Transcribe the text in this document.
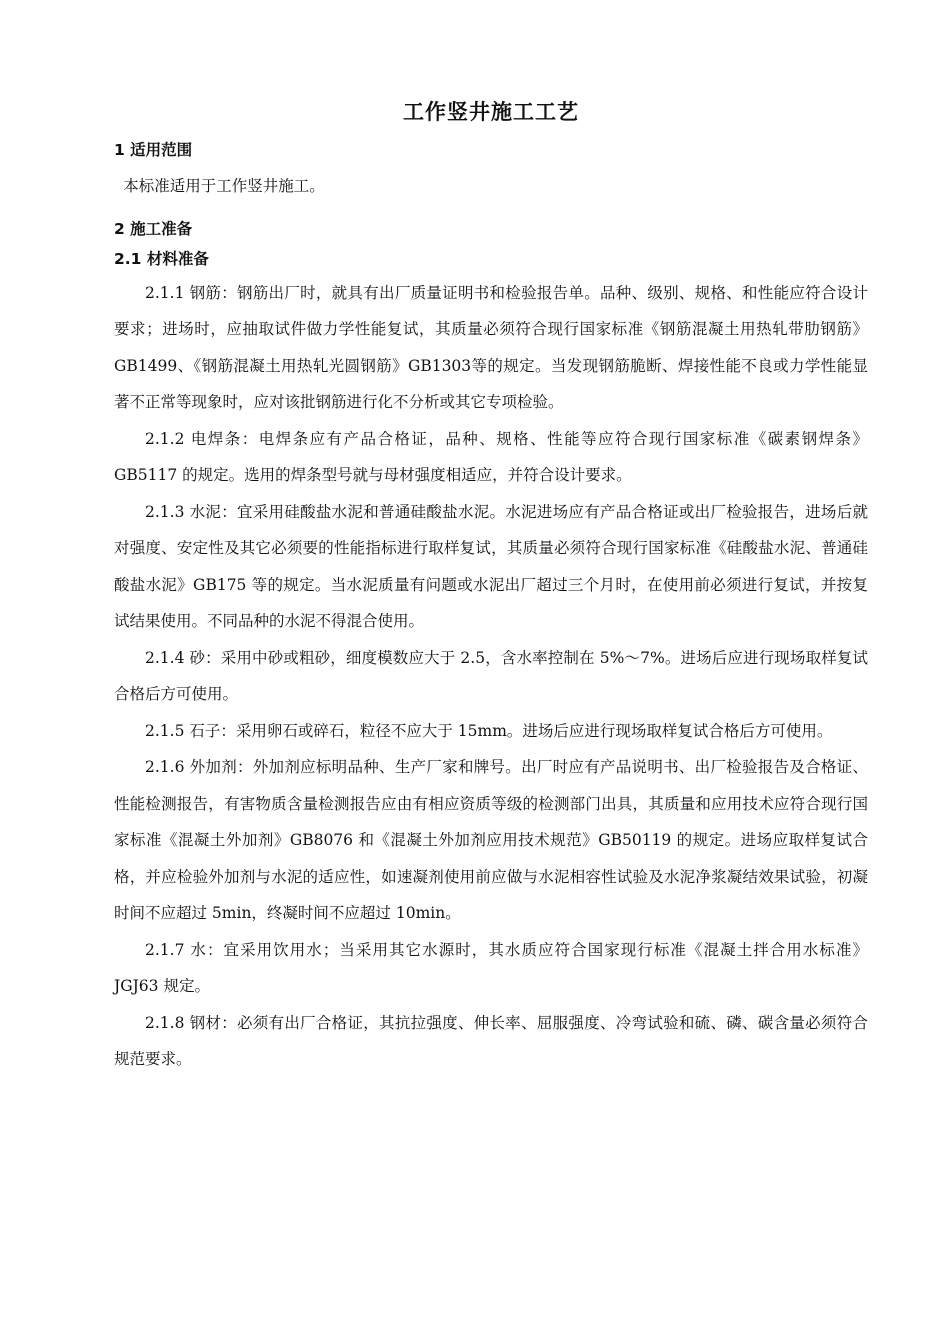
工作竖井施工工艺
1 适用范围

本标准适用于工作竖井施工。

2 施工准备
2.1 材料准备

2.1.1 钢筋：钢筋出厂时，就具有出厂质量证明书和检验报告单。品种、级别、规格、和性能应符合设计要求；进场时，应抽取试件做力学性能复试，其质量必须符合现行国家标准《钢筋混凝土用热轧带肋钢筋》GB1499、《钢筋混凝土用热轧光圆钢筋》GB1303等的规定。当发现钢筋脆断、焊接性能不良或力学性能显著不正常等现象时，应对该批钢筋进行化不分析或其它专项检验。

2.1.2 电焊条：电焊条应有产品合格证，品种、规格、性能等应符合现行国家标准《碳素钢焊条》GB5117 的规定。选用的焊条型号就与母材强度相适应，并符合设计要求。

2.1.3 水泥：宜采用硅酸盐水泥和普通硅酸盐水泥。水泥进场应有产品合格证或出厂检验报告，进场后就对强度、安定性及其它必须要的性能指标进行取样复试，其质量必须符合现行国家标准《硅酸盐水泥、普通硅酸盐水泥》GB175 等的规定。当水泥质量有问题或水泥出厂超过三个月时，在使用前必须进行复试，并按复试结果使用。不同品种的水泥不得混合使用。

2.1.4 砂：采用中砂或粗砂，细度模数应大于 2.5，含水率控制在 5%～7%。进场后应进行现场取样复试合格后方可使用。

2.1.5 石子：采用卵石或碎石，粒径不应大于 15mm。进场后应进行现场取样复试合格后方可使用。

2.1.6 外加剂：外加剂应标明品种、生产厂家和牌号。出厂时应有产品说明书、出厂检验报告及合格证、性能检测报告，有害物质含量检测报告应由有相应资质等级的检测部门出具，其质量和应用技术应符合现行国家标准《混凝土外加剂》GB8076 和《混凝土外加剂应用技术规范》GB50119 的规定。进场应取样复试合格，并应检验外加剂与水泥的适应性，如速凝剂使用前应做与水泥相容性试验及水泥净浆凝结效果试验，初凝时间不应超过 5min，终凝时间不应超过 10min。

2.1.7 水：宜采用饮用水；当采用其它水源时，其水质应符合国家现行标准《混凝土拌合用水标准》JGJ63 规定。

2.1.8 钢材：必须有出厂合格证，其抗拉强度、伸长率、屈服强度、冷弯试验和硫、磷、碳含量必须符合规范要求。
